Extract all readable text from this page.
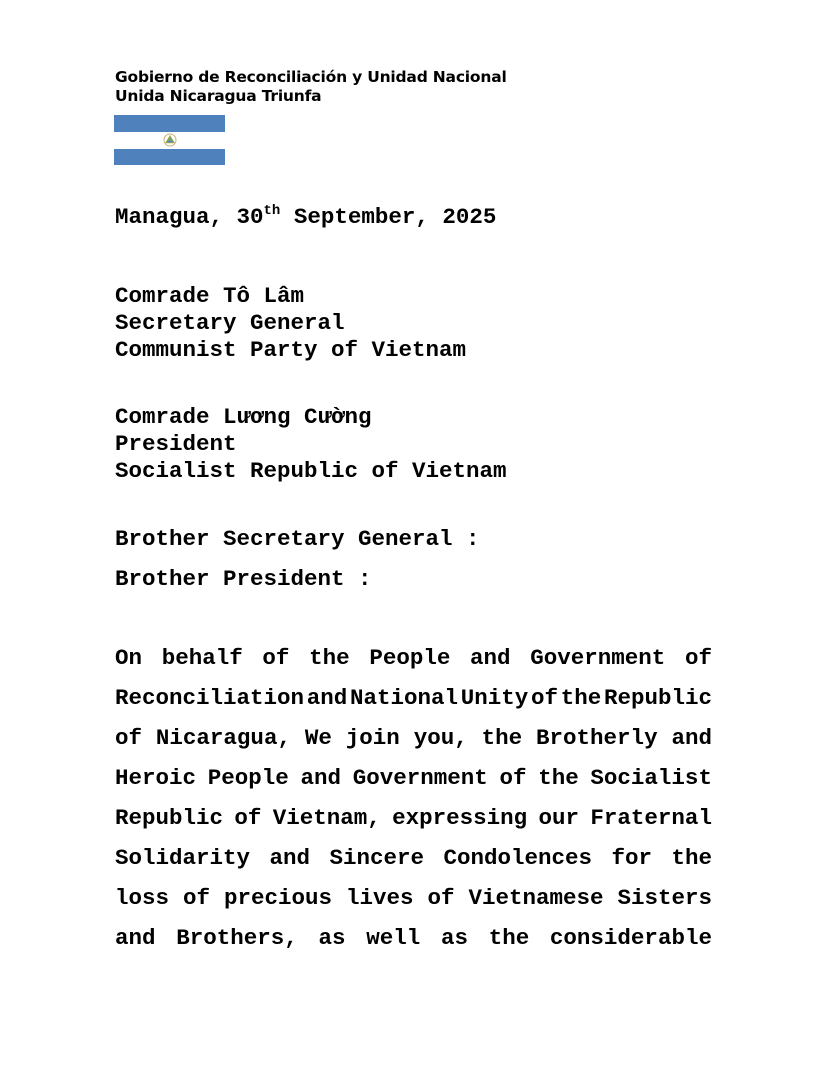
Gobierno de Reconciliación y Unidad Nacional
Unida Nicaragua Triunfa
Managua, 30th September, 2025
Comrade Tô Lâm
Secretary General
Communist Party of Vietnam
Comrade Lương Cường
President
Socialist Republic of Vietnam
Brother Secretary General :
Brother President :
On behalf of the People and Government of
Reconciliation and National Unity of the Republic
of Nicaragua, We join you, the Brotherly and
Heroic People and Government of the Socialist
Republic of Vietnam, expressing our Fraternal
Solidarity and Sincere Condolences for the
loss of precious lives of Vietnamese Sisters
and Brothers, as well as the considerable
